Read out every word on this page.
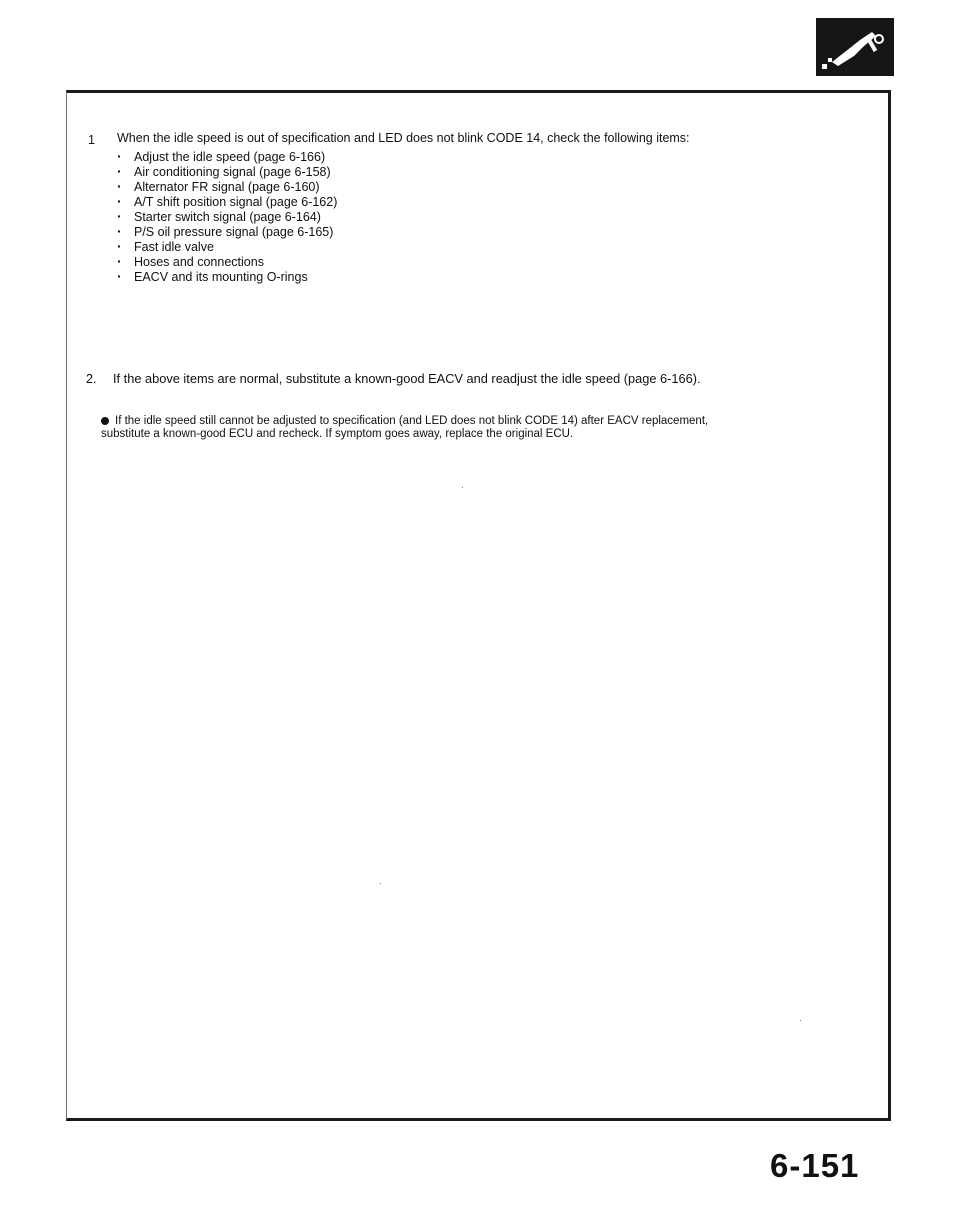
1	When the idle speed is out of specification and LED does not blink CODE 14, check the following items:
· Adjust the idle speed (page 6-166)
· Air conditioning signal (page 6-158)
· Alternator FR signal (page 6-160)
· A/T shift position signal (page 6-162)
· Starter switch signal (page 6-164)
· P/S oil pressure signal (page 6-165)
· Fast idle valve
· Hoses and connections
· EACV and its mounting O-rings
2.	If the above items are normal, substitute a known-good EACV and readjust the idle speed (page 6-166).
If the idle speed still cannot be adjusted to specification (and LED does not blink CODE 14) after EACV replacement,
substitute a known-good ECU and recheck. If symptom goes away, replace the original ECU.
6-151
